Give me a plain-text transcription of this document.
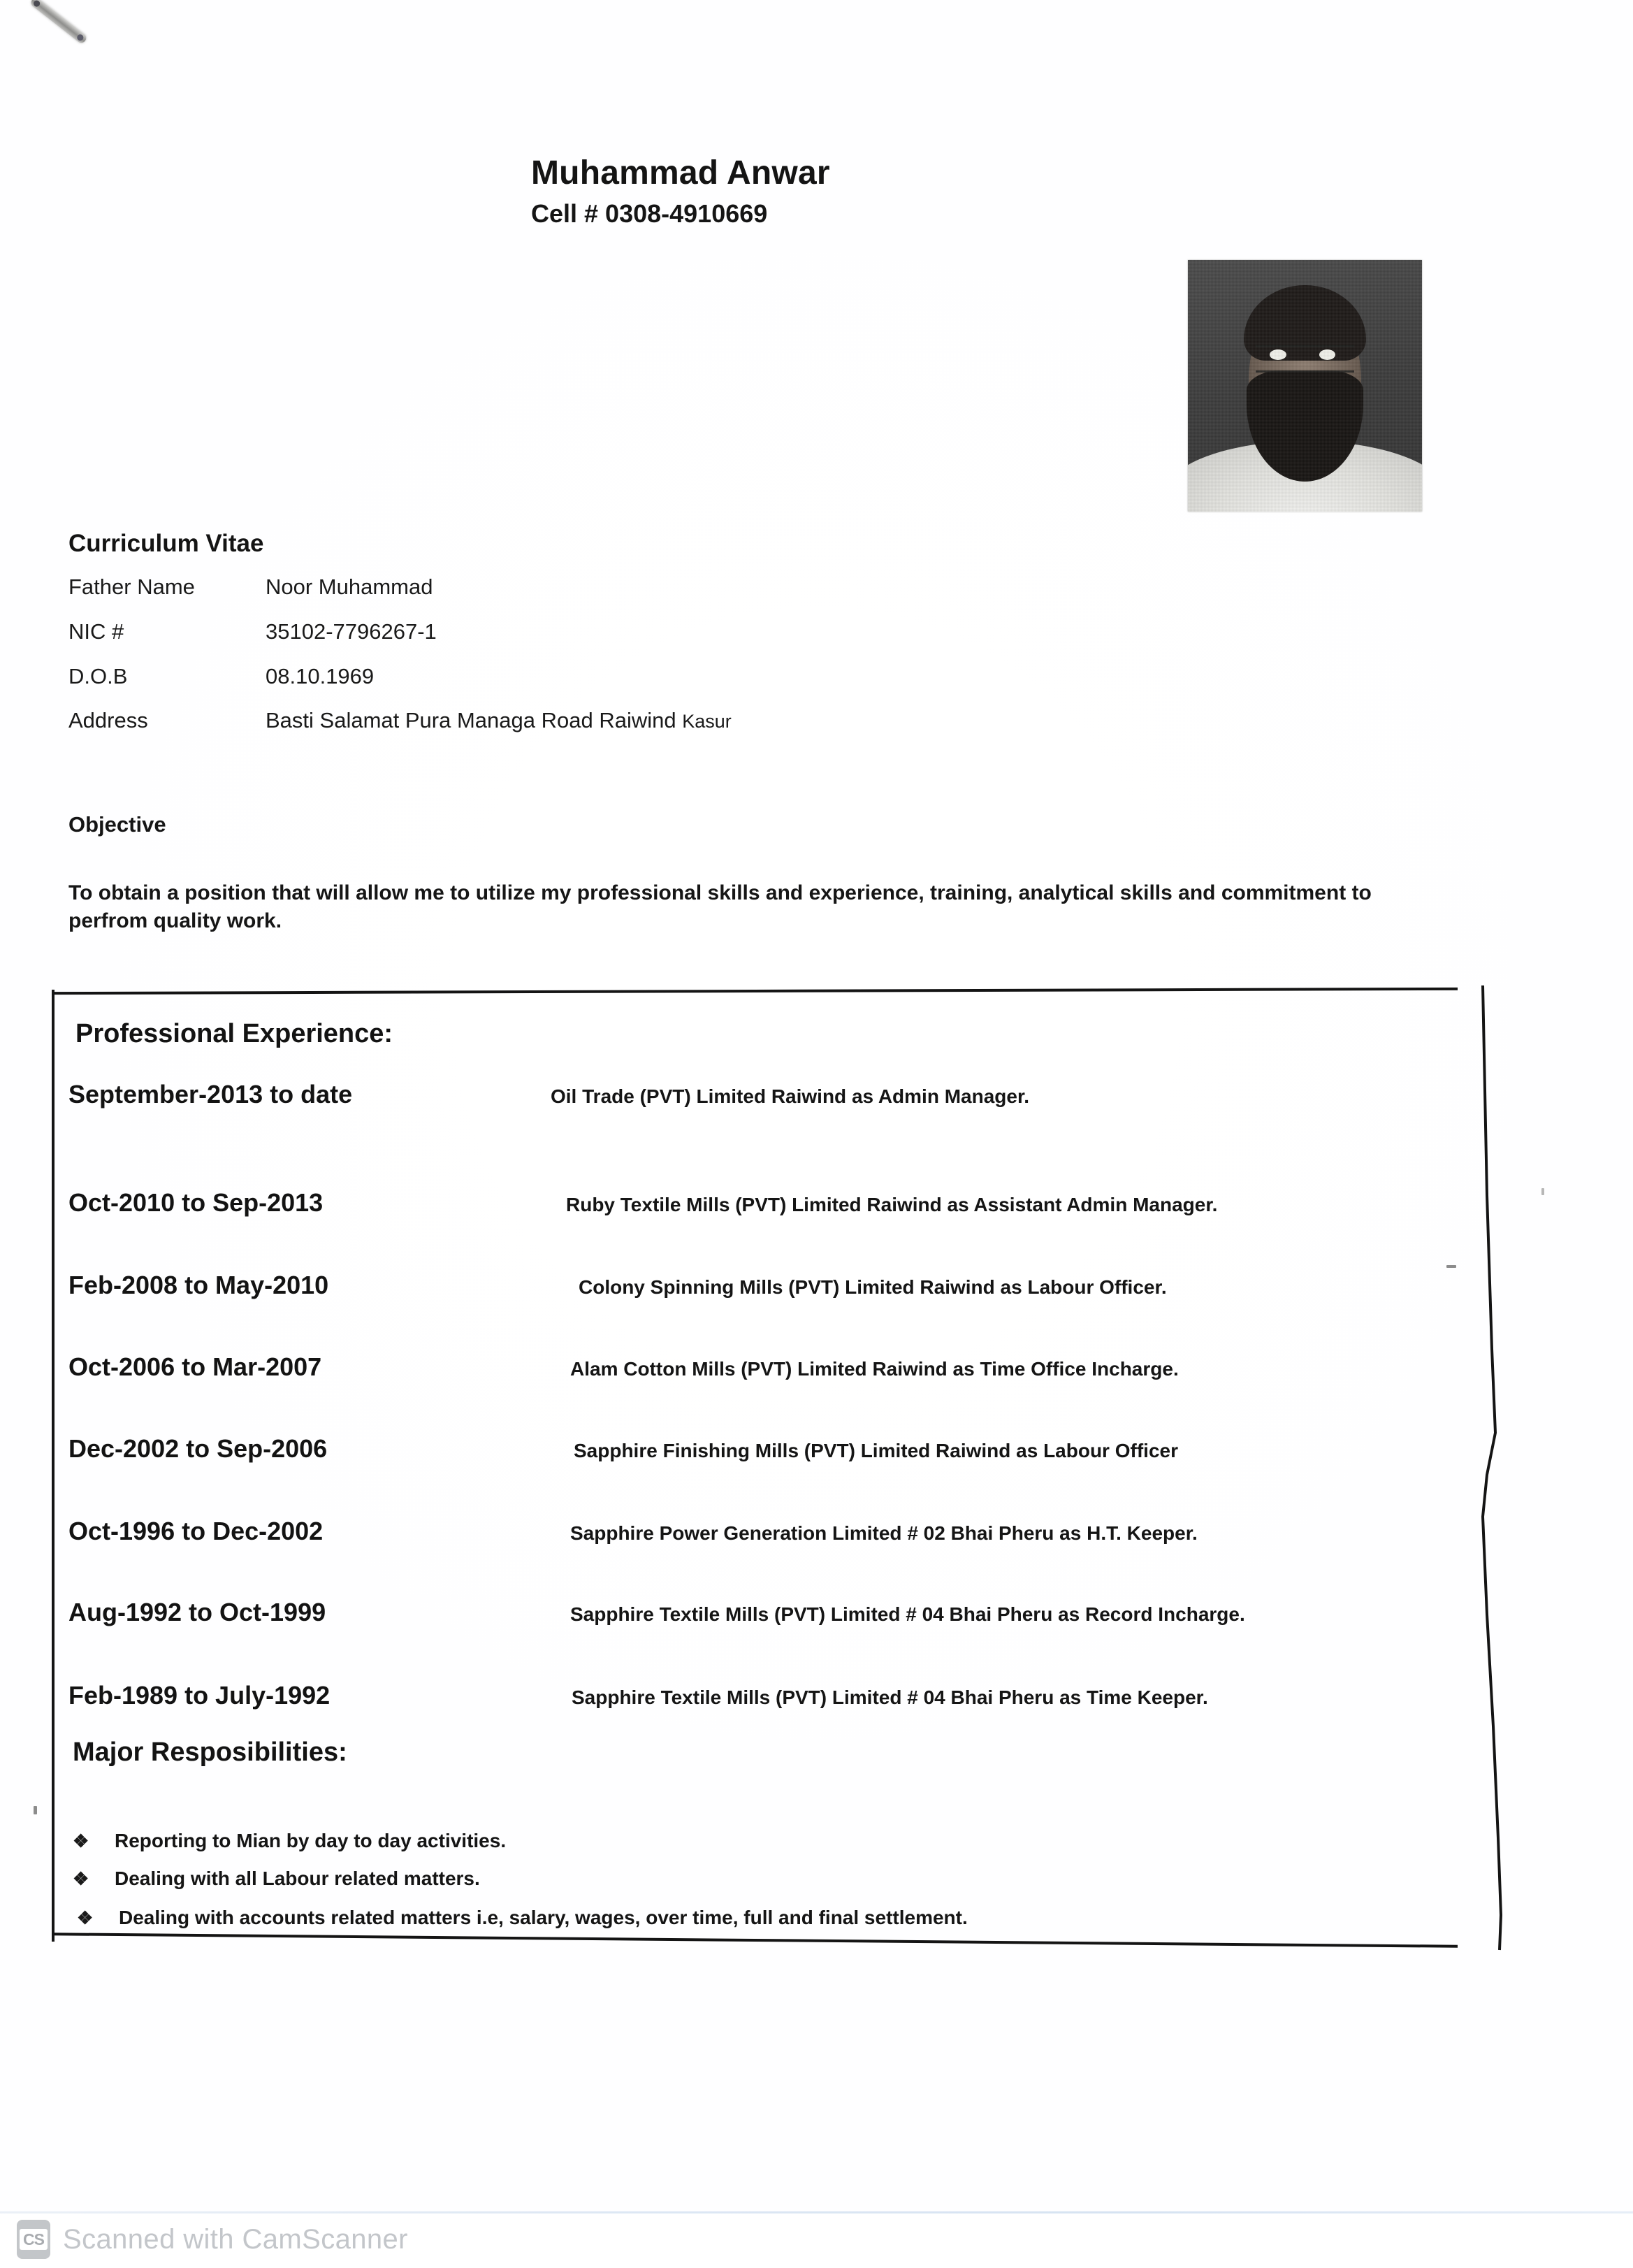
Muhammad Anwar
Cell # 0308-4910669
Curriculum Vitae
Father Name	Noor Muhammad
NIC #	35102-7796267-1
D.O.B	08.10.1969
Address	Basti Salamat Pura Managa Road Raiwind Kasur
Objective
To obtain a position that will allow me to utilize my professional skills and experience, training, analytical skills and commitment to perfrom quality work.
Professional Experience:
September-2013 to date	Oil Trade (PVT) Limited Raiwind as Admin Manager.
Oct-2010 to Sep-2013	Ruby Textile Mills (PVT) Limited Raiwind as Assistant Admin Manager.
Feb-2008 to May-2010	Colony Spinning Mills (PVT) Limited Raiwind as Labour Officer.
Oct-2006 to Mar-2007	Alam Cotton Mills (PVT) Limited Raiwind as Time Office Incharge.
Dec-2002 to Sep-2006	Sapphire Finishing Mills (PVT) Limited Raiwind as Labour Officer
Oct-1996 to Dec-2002	Sapphire Power Generation Limited # 02 Bhai Pheru as H.T. Keeper.
Aug-1992 to Oct-1999	Sapphire Textile Mills (PVT) Limited # 04 Bhai Pheru as Record Incharge.
Feb-1989 to July-1992	Sapphire Textile Mills (PVT) Limited # 04 Bhai Pheru as Time Keeper.
Major Resposibilities:
❖ Reporting to Mian by day to day activities.
❖ Dealing with all Labour related matters.
❖ Dealing with accounts related matters i.e, salary, wages, over time, full and final settlement.
CS Scanned with CamScanner
